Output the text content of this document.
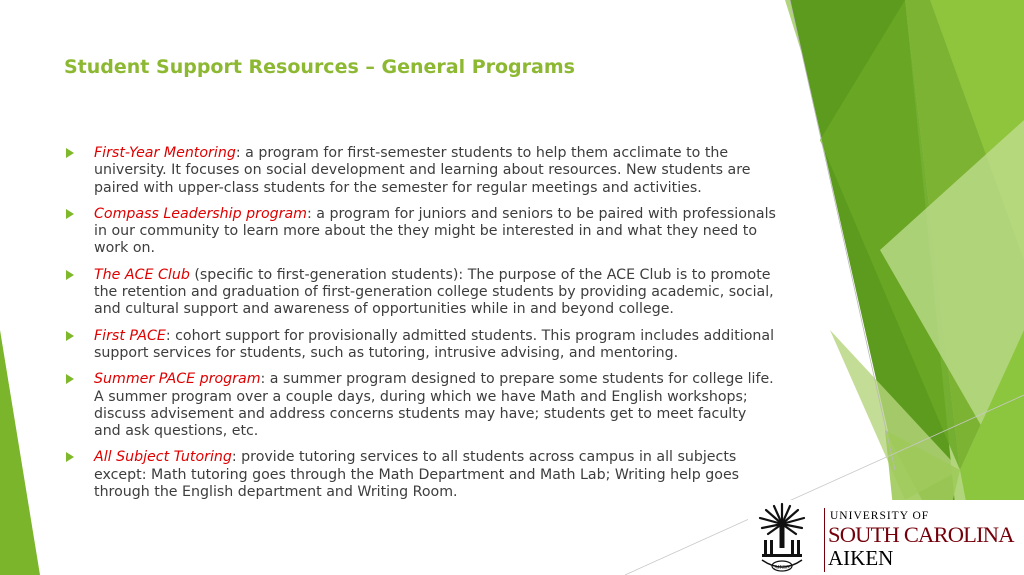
Student Support Resources – General Programs
First-Year Mentoring: a program for first-semester students to help them acclimate to the university. It focuses on social development and learning about resources. New students are paired with upper-class students for the semester for regular meetings and activities.
Compass Leadership program: a program for juniors and seniors to be paired with professionals in our community to learn more about the they might be interested in and what they need to work on.
The ACE Club (specific to first-generation students): The purpose of the ACE Club is to promote the retention and graduation of first-generation college students by providing academic, social, and cultural support and awareness of opportunities while in and beyond college.
First PACE: cohort support for provisionally admitted students. This program includes additional support services for students, such as tutoring, intrusive advising, and mentoring.
Summer PACE program: a summer program designed to prepare some students for college life. A summer program over a couple days, during which we have Math and English workshops; discuss advisement and address concerns students may have; students get to meet faculty and ask questions, etc.
All Subject Tutoring: provide tutoring services to all students across campus in all subjects except: Math tutoring goes through the Math Department and Math Lab; Writing help goes through the English department and Writing Room.
AIKEN
UNIVERSITY OF
SOUTH CAROLINA
AIKEN
